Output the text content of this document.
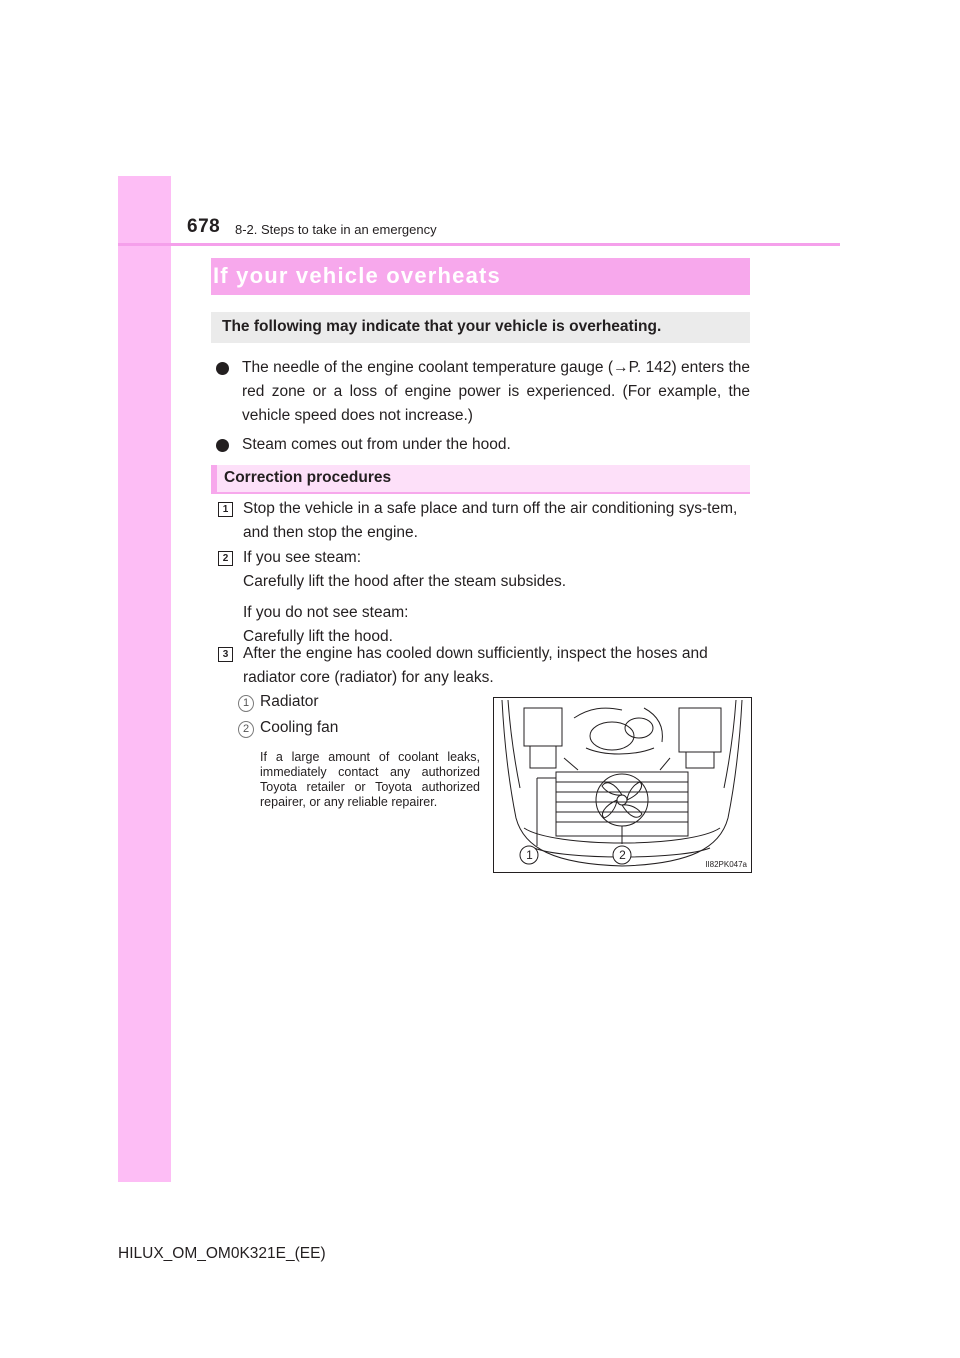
678 8-2. Steps to take in an emergency
If your vehicle overheats
The following may indicate that your vehicle is overheating.
The needle of the engine coolant temperature gauge (→P. 142) enters the red zone or a loss of engine power is experienced. (For example, the vehicle speed does not increase.)
Steam comes out from under the hood.
Correction procedures
1 Stop the vehicle in a safe place and turn off the air conditioning sys-tem, and then stop the engine.
2 If you see steam:
Carefully lift the hood after the steam subsides.
If you do not see steam:
Carefully lift the hood.
3 After the engine has cooled down sufficiently, inspect the hoses and radiator core (radiator) for any leaks.
1 Radiator
2 Cooling fan
If a large amount of coolant leaks, immediately contact any authorized Toyota retailer or Toyota authorized repairer, or any reliable repairer.
1	2
II82PK047a
HILUX_OM_OM0K321E_(EE)
